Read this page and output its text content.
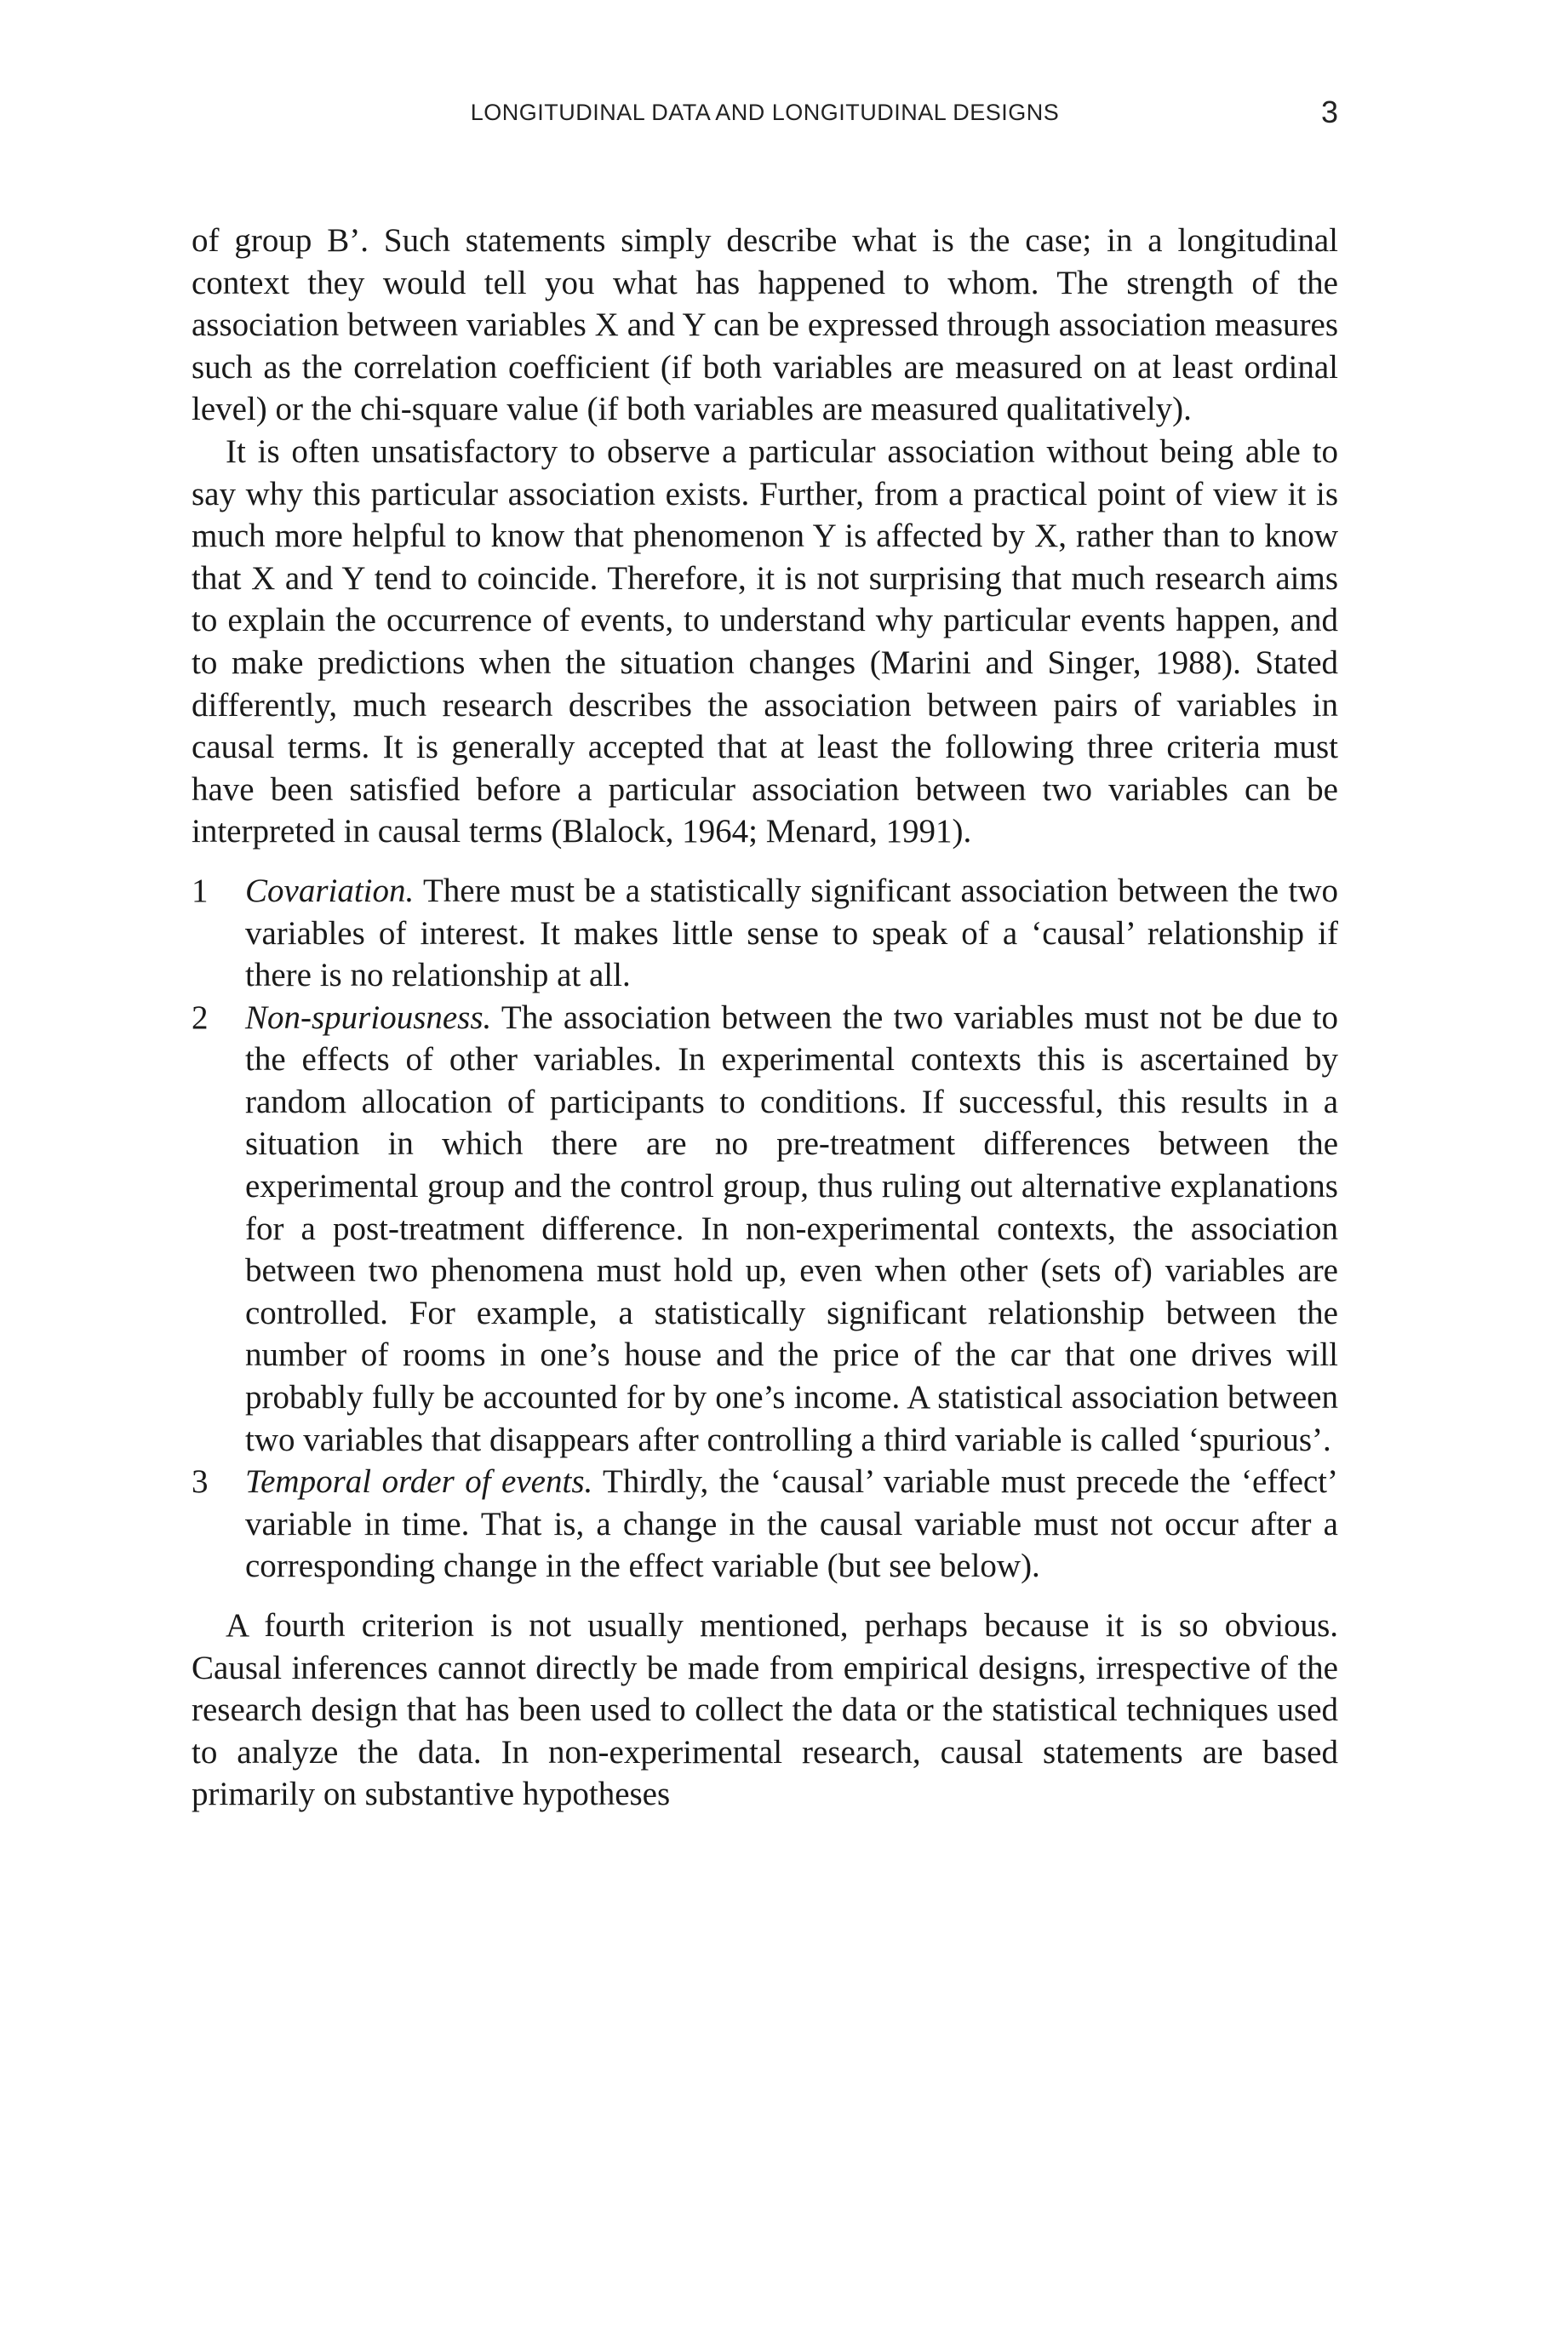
LONGITUDINAL DATA AND LONGITUDINAL DESIGNS	3

of group B’. Such statements simply describe what is the case; in a longitudinal context they would tell you what has happened to whom. The strength of the association between variables X and Y can be expressed through association measures such as the correlation coefficient (if both variables are measured on at least ordinal level) or the chi-square value (if both variables are measured qualitatively).

It is often unsatisfactory to observe a particular association without being able to say why this particular association exists. Further, from a practical point of view it is much more helpful to know that phenomenon Y is affected by X, rather than to know that X and Y tend to coincide. Therefore, it is not surprising that much research aims to explain the occurrence of events, to understand why particular events happen, and to make predictions when the situation changes (Marini and Singer, 1988). Stated differently, much research describes the association between pairs of variables in causal terms. It is generally accepted that at least the following three criteria must have been satisfied before a particular association between two variables can be interpreted in causal terms (Blalock, 1964; Menard, 1991).

1 Covariation. There must be a statistically significant association between the two variables of interest. It makes little sense to speak of a ‘causal’ relationship if there is no relationship at all.
2 Non-spuriousness. The association between the two variables must not be due to the effects of other variables. In experimental contexts this is ascertained by random allocation of participants to conditions. If successful, this results in a situation in which there are no pre-treatment differences between the experimental group and the control group, thus ruling out alternative explanations for a post-treatment difference. In non-experimental contexts, the association between two phenomena must hold up, even when other (sets of) variables are controlled. For example, a statistically significant relationship between the number of rooms in one’s house and the price of the car that one drives will probably fully be accounted for by one’s income. A statistical association between two variables that disappears after controlling a third variable is called ‘spurious’.
3 Temporal order of events. Thirdly, the ‘causal’ variable must precede the ‘effect’ variable in time. That is, a change in the causal variable must not occur after a corresponding change in the effect variable (but see below).

A fourth criterion is not usually mentioned, perhaps because it is so obvious. Causal inferences cannot directly be made from empirical designs, irrespective of the research design that has been used to collect the data or the statistical techniques used to analyze the data. In non-experimental research, causal statements are based primarily on substantive hypotheses
